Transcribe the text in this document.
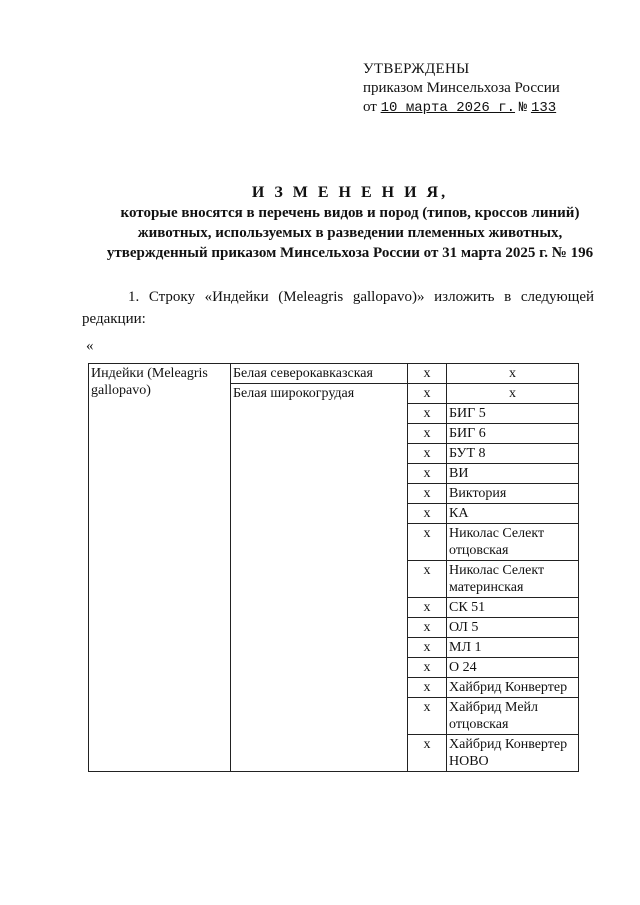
УТВЕРЖДЕНЫ
приказом Минсельхоза России
от 10 марта 2026 г. № 133
И З М Е Н Е Н И Я,
которые вносятся в перечень видов и пород (типов, кроссов линий)
животных, используемых в разведении племенных животных,
утвержденный приказом Минсельхоза России от 31 марта 2025 г. № 196
1. Строку «Индейки (Meleagris gallopavo)» изложить в следующей редакции:
«
Индейки (Meleagris gallopavo)	Белая северокавказская	x	x
	Белая широкогрудая	x	x
		x	БИГ 5
		x	БИГ 6
		x	БУТ 8
		x	ВИ
		x	Виктория
		x	КА
		x	Николас Селект отцовская
		x	Николас Селект материнская
		x	СК 51
		x	ОЛ 5
		x	МЛ 1
		x	О 24
		x	Хайбрид Конвертер
		x	Хайбрид Мейл отцовская
		x	Хайбрид Конвертер НОВО
